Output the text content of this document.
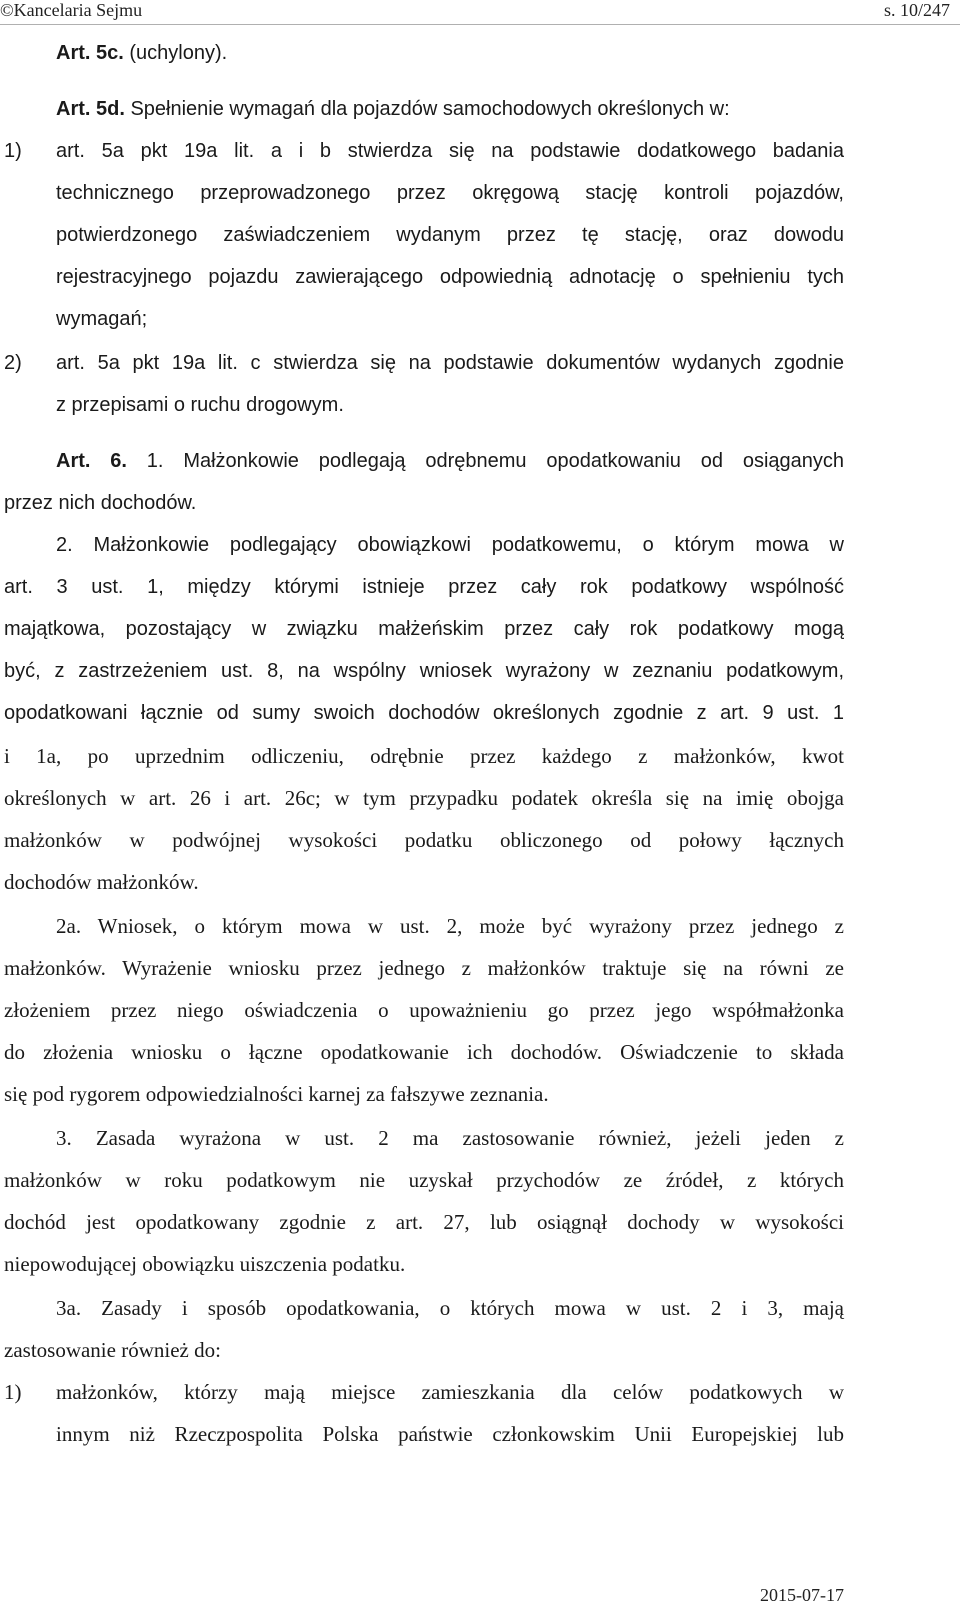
©Kancelaria Sejmu	s. 10/247
Art. 5c. (uchylony).
Art. 5d. Spełnienie wymagań dla pojazdów samochodowych określonych w:
1) art. 5a pkt 19a lit. a i b stwierdza się na podstawie dodatkowego badania
technicznego przeprowadzonego przez okręgową stację kontroli pojazdów,
potwierdzonego zaświadczeniem wydanym przez tę stację, oraz dowodu
rejestracyjnego pojazdu zawierającego odpowiednią adnotację o spełnieniu tych
wymagań;
2) art. 5a pkt 19a lit. c stwierdza się na podstawie dokumentów wydanych zgodnie
z przepisami o ruchu drogowym.
Art. 6. 1. Małżonkowie podlegają odrębnemu opodatkowaniu od osiąganych
przez nich dochodów.
2. Małżonkowie podlegający obowiązkowi podatkowemu, o którym mowa w
art. 3 ust. 1, między którymi istnieje przez cały rok podatkowy wspólność
majątkowa, pozostający w związku małżeńskim przez cały rok podatkowy mogą
być, z zastrzeżeniem ust. 8, na wspólny wniosek wyrażony w zeznaniu podatkowym,
opodatkowani łącznie od sumy swoich dochodów określonych zgodnie z art. 9 ust. 1
i 1a, po uprzednim odliczeniu, odrębnie przez każdego z małżonków, kwot
określonych w art. 26 i art. 26c; w tym przypadku podatek określa się na imię obojga
małżonków w podwójnej wysokości podatku obliczonego od połowy łącznych
dochodów małżonków.
2a. Wniosek, o którym mowa w ust. 2, może być wyrażony przez jednego z
małżonków. Wyrażenie wniosku przez jednego z małżonków traktuje się na równi ze
złożeniem przez niego oświadczenia o upoważnieniu go przez jego współmałżonka
do złożenia wniosku o łączne opodatkowanie ich dochodów. Oświadczenie to składa
się pod rygorem odpowiedzialności karnej za fałszywe zeznania.
3. Zasada wyrażona w ust. 2 ma zastosowanie również, jeżeli jeden z
małżonków w roku podatkowym nie uzyskał przychodów ze źródeł, z których
dochód jest opodatkowany zgodnie z art. 27, lub osiągnął dochody w wysokości
niepowodującej obowiązku uiszczenia podatku.
3a. Zasady i sposób opodatkowania, o których mowa w ust. 2 i 3, mają
zastosowanie również do:
1) małżonków, którzy mają miejsce zamieszkania dla celów podatkowych w
innym niż Rzeczpospolita Polska państwie członkowskim Unii Europejskiej lub
2015-07-17
